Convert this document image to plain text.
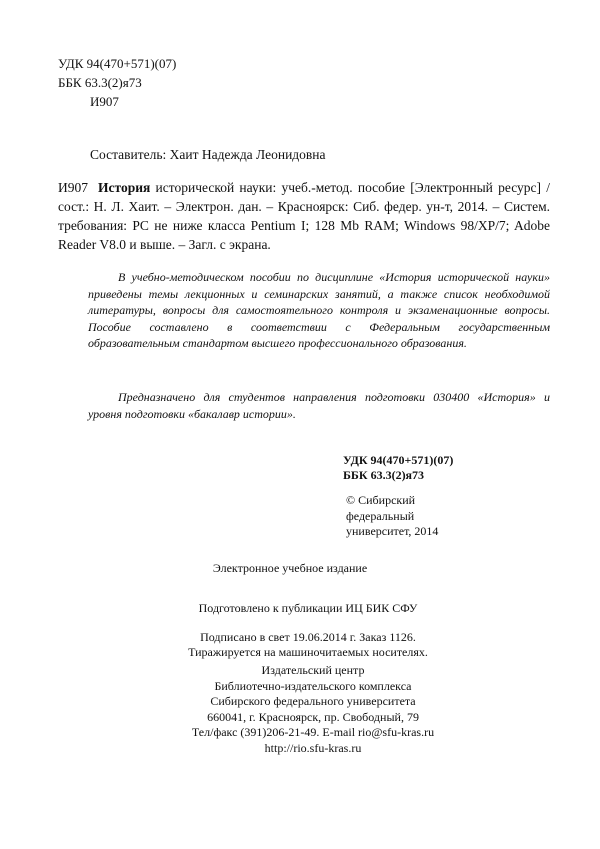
УДК 94(470+571)(07)
ББК 63.3(2)я73
И907
Составитель: Хаит Надежда Леонидовна
И907 История исторической науки: учеб.-метод. пособие [Электронный ресурс] / сост.: Н. Л. Хаит. – Электрон. дан. – Красноярск: Сиб. федер. ун-т, 2014. – Систем. требования: PC не ниже класса Pentium I; 128 Mb RAM; Windows 98/XP/7; Adobe Reader V8.0 и выше. – Загл. с экрана.
В учебно-методическом пособии по дисциплине «История исторической науки» приведены темы лекционных и семинарских занятий, а также список необходимой литературы, вопросы для самостоятельного контроля и экзаменационные вопросы. Пособие составлено в соответствии с Федеральным государственным образовательным стандартом высшего профессионального образования.
Предназначено для студентов направления подготовки 030400 «История» и уровня подготовки «бакалавр истории».
УДК 94(470+571)(07)
ББК 63.3(2)я73
© Сибирский
федеральный
университет, 2014
Электронное учебное издание
Подготовлено к публикации ИЦ БИК СФУ
Подписано в свет 19.06.2014 г. Заказ 1126.
Тиражируется на машиночитаемых носителях.
Издательский центр
Библиотечно-издательского комплекса
Сибирского федерального университета
660041, г. Красноярск, пр. Свободный, 79
Тел/факс (391)206-21-49. E-mail rio@sfu-kras.ru
http://rio.sfu-kras.ru
